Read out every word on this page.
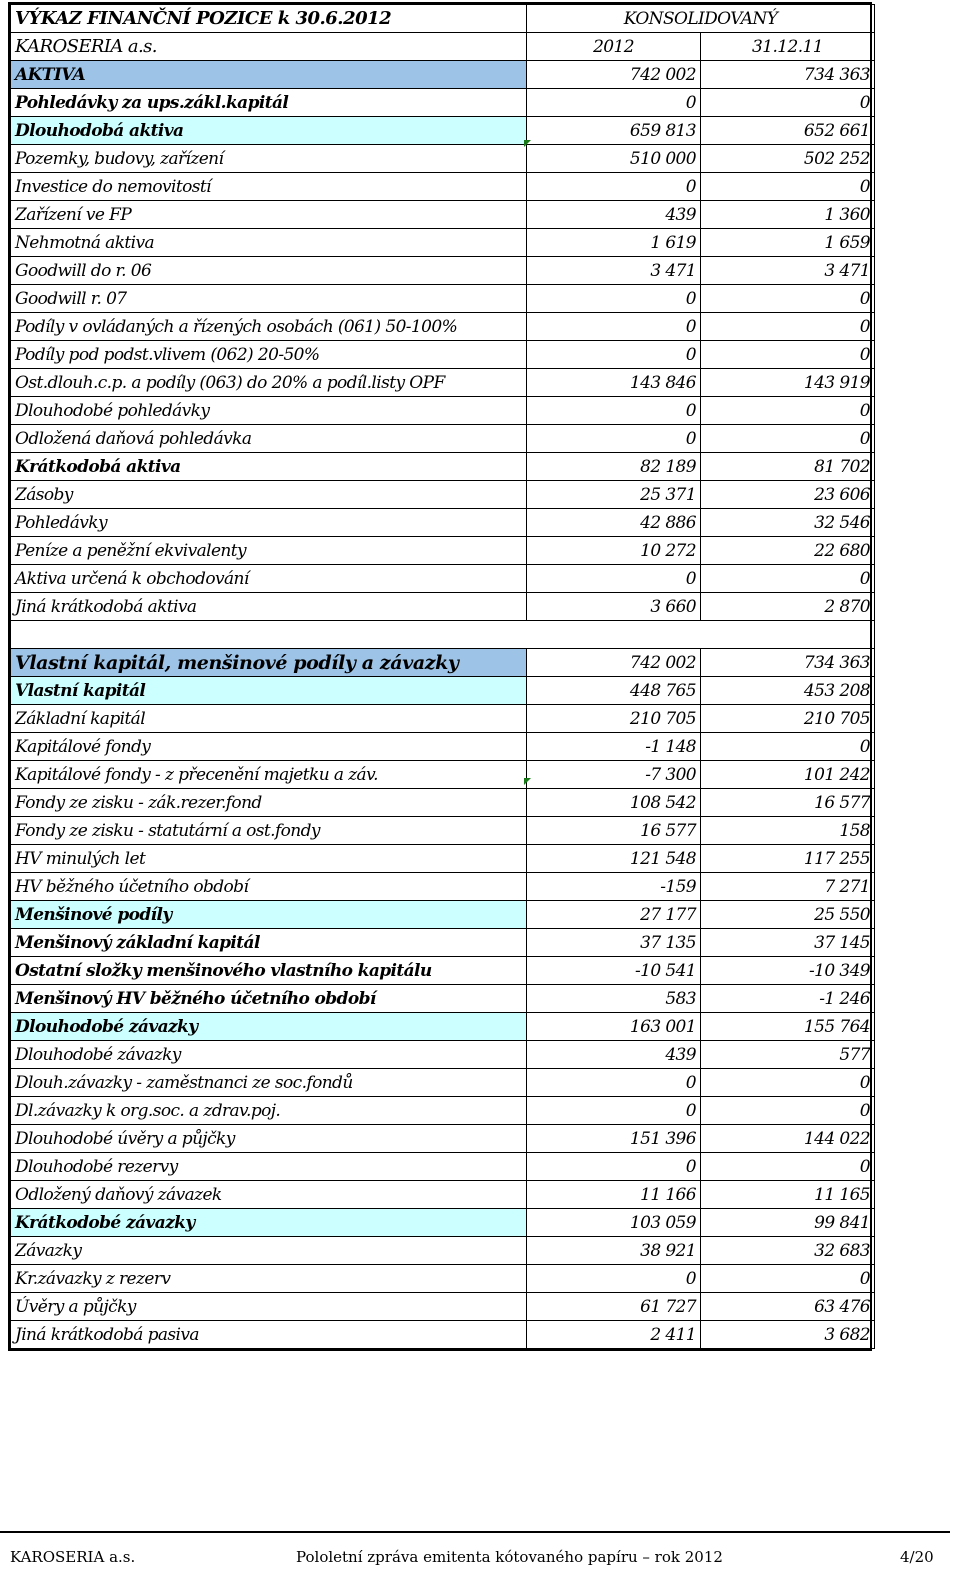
VÝKAZ FINANČNÍ POZICE k 30.6.2012	KONSOLIDOVANÝ	
KAROSERIA a.s.	2012	31.12.11
AKTIVA	742 002	734 363
Pohledávky za ups.zákl.kapitál	0	0
Dlouhodobá aktiva	659 813	652 661
Pozemky, budovy, zařízení	510 000	502 252
Investice do nemovitostí	0	0
Zařízení ve FP	439	1 360
Nehmotná aktiva	1 619	1 659
Goodwill do r. 06	3 471	3 471
Goodwill r. 07	0	0
Podíly v ovládaných a řízených osobách (061) 50-100%	0	0
Podíly pod podst.vlivem (062) 20-50%	0	0
Ost.dlouh.c.p. a podíly (063) do 20% a podíl.listy OPF	143 846	143 919
Dlouhodobé pohledávky	0	0
Odložená daňová pohledávka	0	0
Krátkodobá aktiva	82 189	81 702
Zásoby	25 371	23 606
Pohledávky	42 886	32 546
Peníze a peněžní ekvivalenty	10 272	22 680
Aktiva určená k obchodování	0	0
Jiná krátkodobá aktiva	3 660	2 870

Vlastní kapitál, menšinové podíly a závazky	742 002	734 363
Vlastní kapitál	448 765	453 208
Základní kapitál	210 705	210 705
Kapitálové fondy	-1 148	0
Kapitálové fondy - z přecenění majetku a záv.	-7 300	101 242
Fondy ze zisku - zák.rezer.fond	108 542	16 577
Fondy ze zisku - statutární a ost.fondy	16 577	158
HV minulých let	121 548	117 255
HV běžného účetního období	-159	7 271
Menšinové podíly	27 177	25 550
Menšinový základní kapitál	37 135	37 145
Ostatní složky menšinového vlastního kapitálu	-10 541	-10 349
Menšinový HV běžného účetního období	583	-1 246
Dlouhodobé závazky	163 001	155 764
Dlouhodobé závazky	439	577
Dlouh.závazky - zaměstnanci ze soc.fondů	0	0
Dl.závazky k org.soc. a zdrav.poj.	0	0
Dlouhodobé úvěry a půjčky	151 396	144 022
Dlouhodobé rezervy	0	0
Odložený daňový závazek	11 166	11 165
Krátkodobé závazky	103 059	99 841
Závazky	38 921	32 683
Kr.závazky z rezerv	0	0
Úvěry a půjčky	61 727	63 476
Jiná krátkodobá pasiva	2 411	3 682
KAROSERIA a.s.	Pololetní zpráva emitenta kótovaného papíru – rok 2012	4/20
